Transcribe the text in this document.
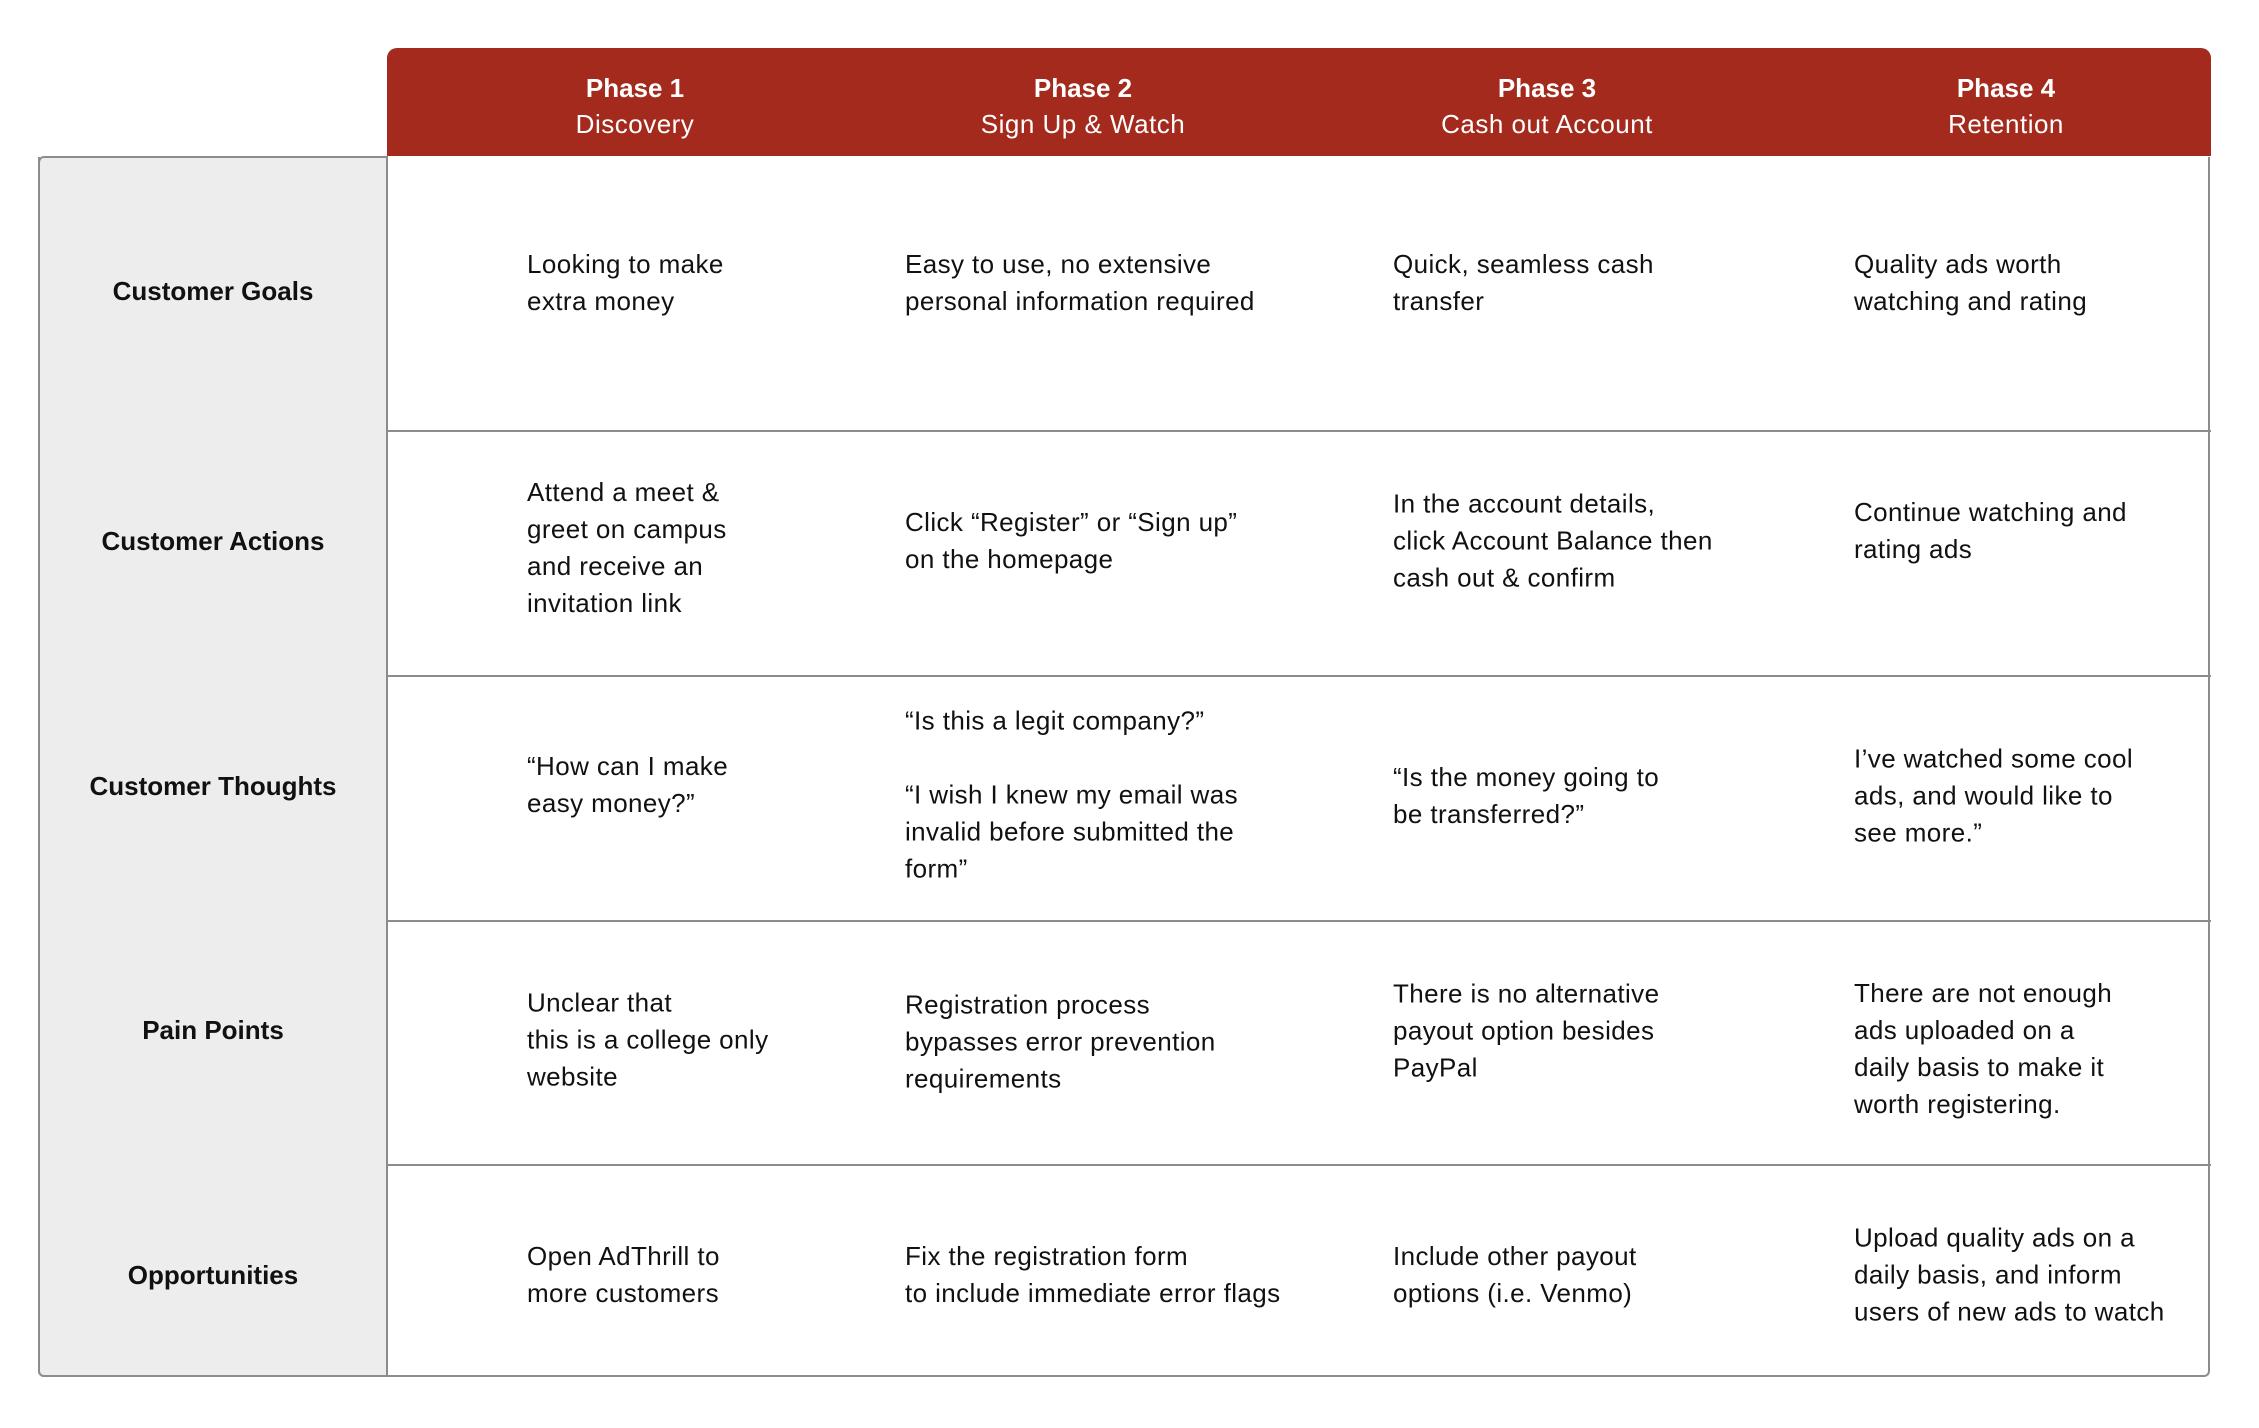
Phase 1
Discovery
Phase 2
Sign Up & Watch
Phase 3
Cash out Account
Phase 4
Retention
Customer Goals
Customer Actions
Customer Thoughts
Pain Points
Opportunities
Looking to make
extra money
Easy to use, no extensive
personal information required
Quick, seamless cash
transfer
Quality ads worth
watching and rating
Attend a meet &
greet on campus
and receive an
invitation link
Click “Register” or “Sign up”
on the homepage
In the account details,
click Account Balance then
cash out & confirm
Continue watching and
rating ads
“How can I make
easy money?”
“Is this a legit company?”

“I wish I knew my email was
invalid before submitted the
form”
“Is the money going to
be transferred?”
I’ve watched some cool
ads, and would like to
see more.”
Unclear that
this is a college only
website
Registration process
bypasses error prevention
requirements
There is no alternative
payout option besides
PayPal
There are not enough
ads uploaded on a
daily basis to make it
worth registering.
Open AdThrill to
more customers
Fix the registration form
to include immediate error flags
Include other payout
options (i.e. Venmo)
Upload quality ads on a
daily basis, and inform
users of new ads to watch
